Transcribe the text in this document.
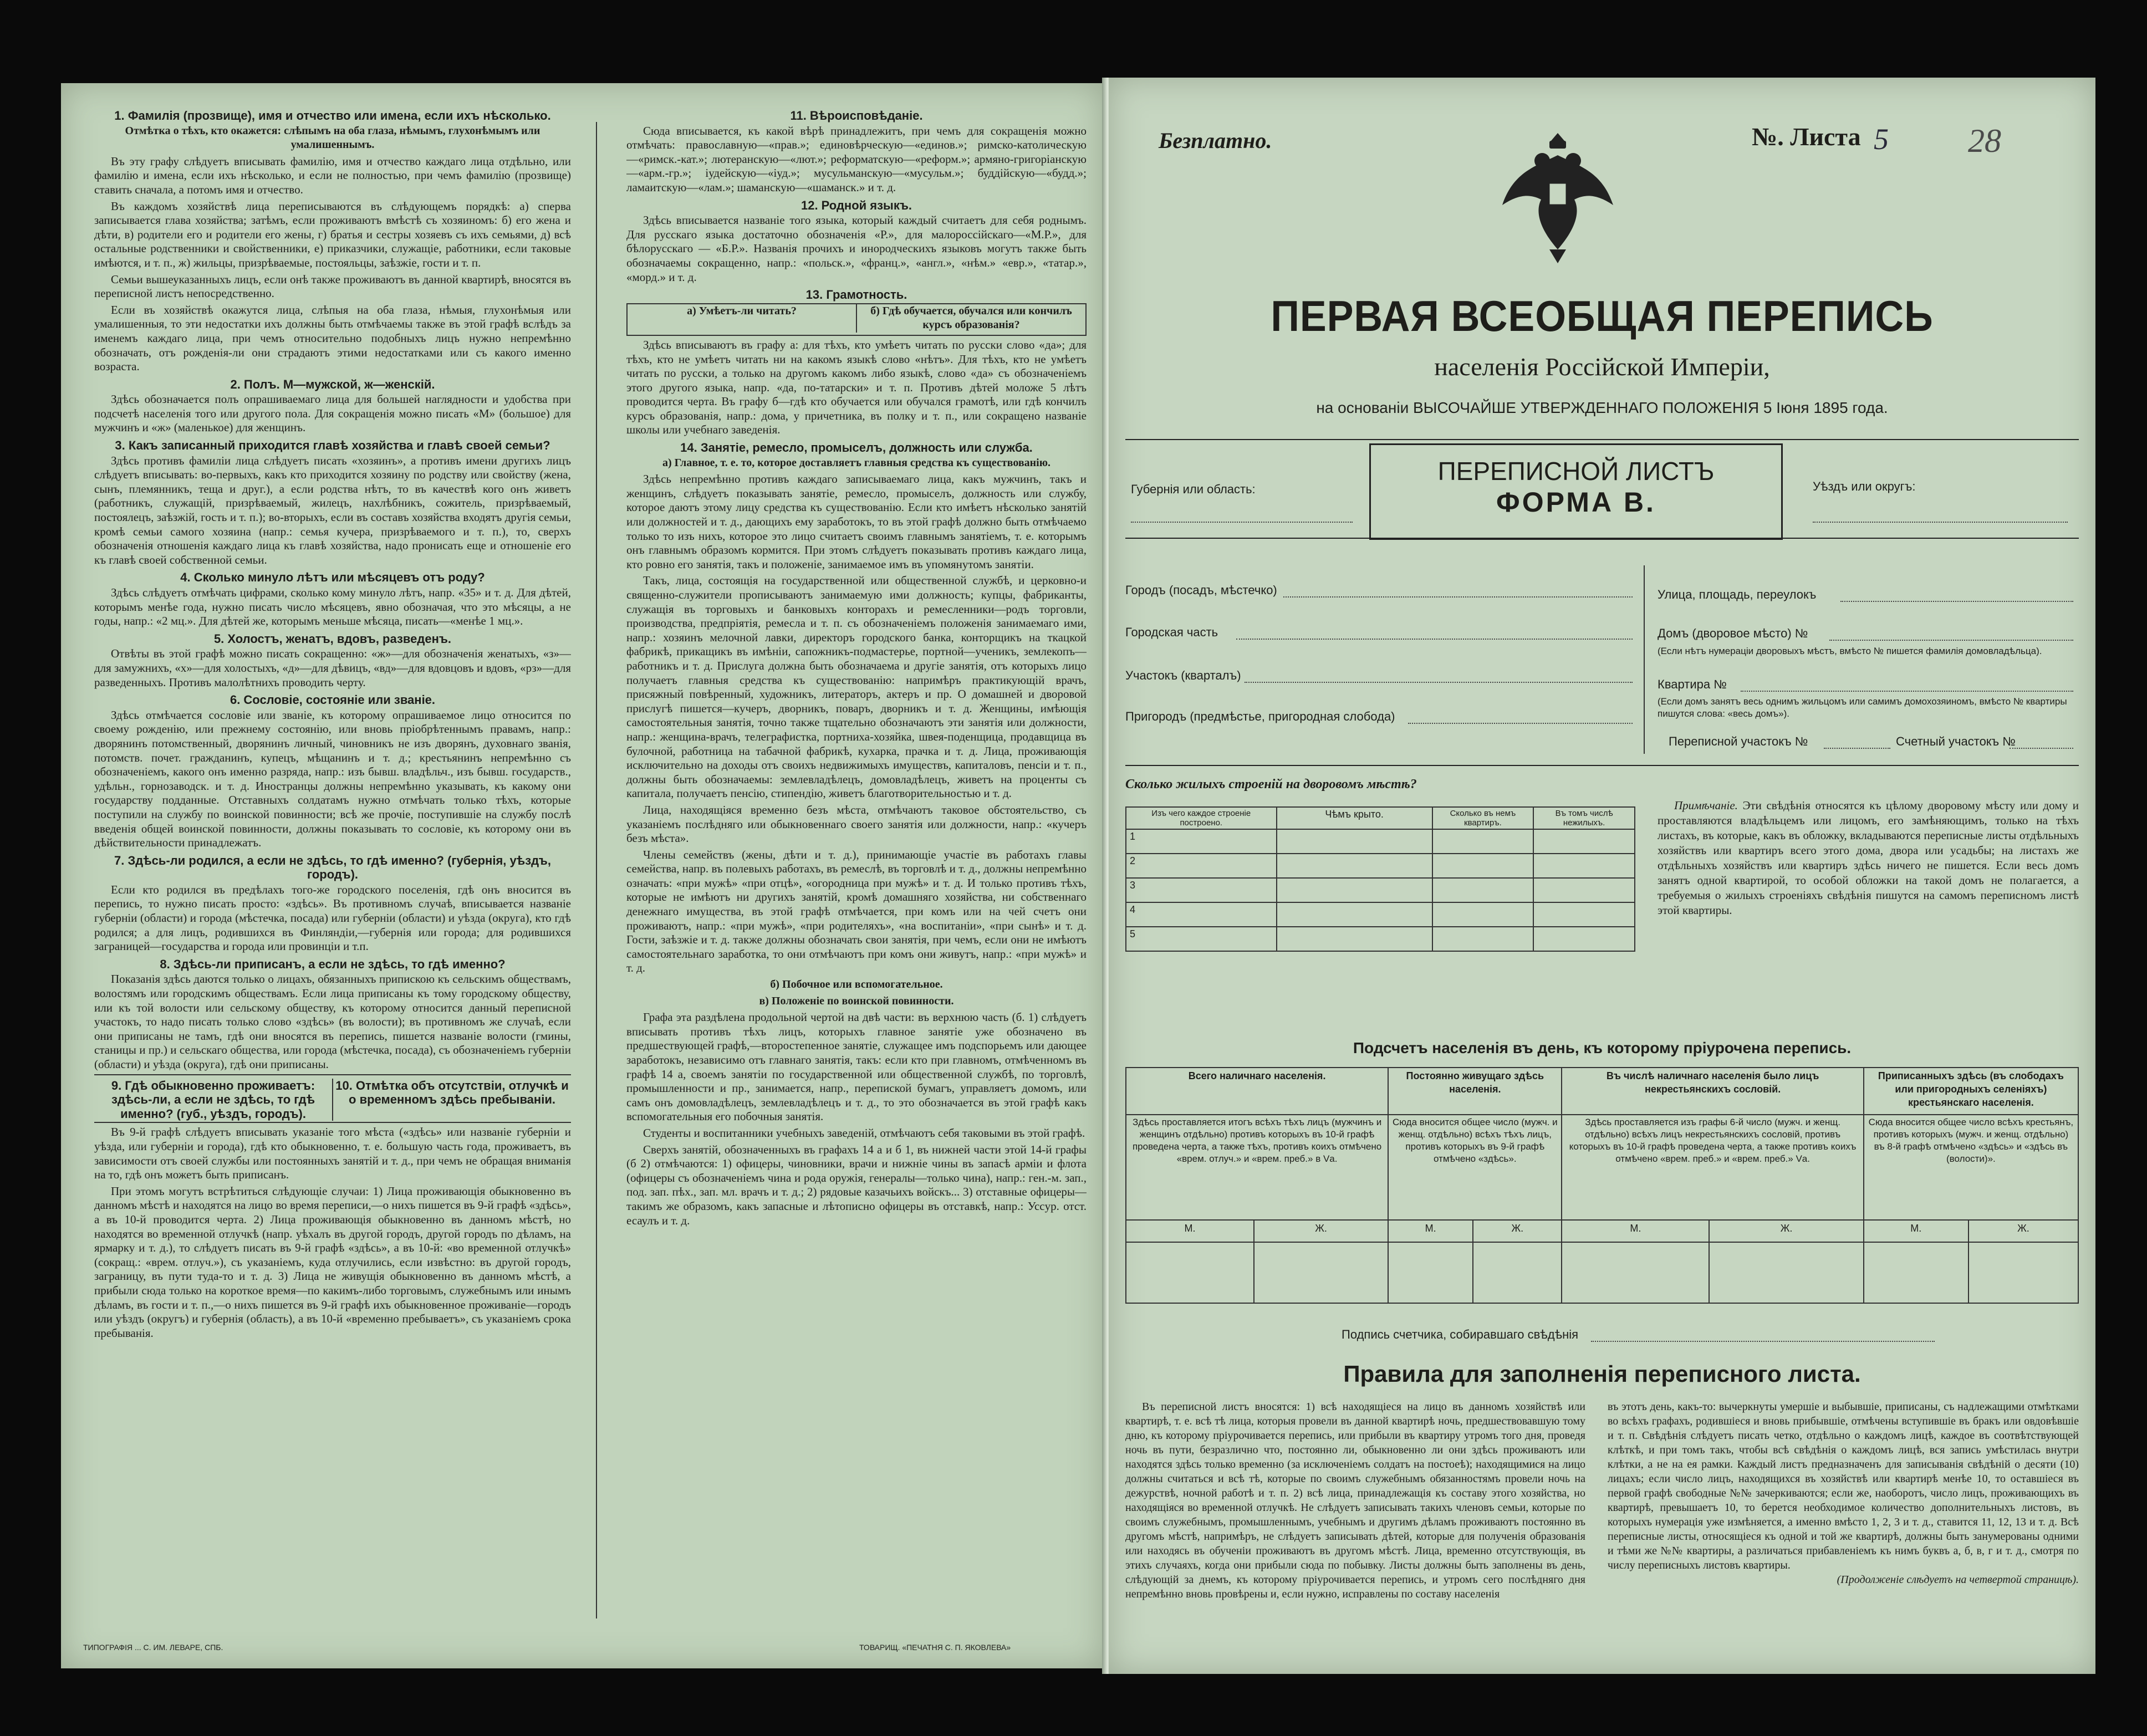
1. Фамилія (прозвище), имя и отчество или имена, если ихъ нѣсколько.
Отмѣтка о тѣхъ, кто окажется: слѣпымъ на оба глаза, нѣмымъ, глухонѣмымъ или умалишеннымъ.
Въ эту графу слѣдуетъ вписывать фамилію, имя и отчество каждаго лица отдѣльно, или фамилію и имена, если ихъ нѣсколько, и если не полностью, при чемъ фамилію (прозвище) ставить сначала, а потомъ имя и отчество.
Въ каждомъ хозяйствѣ лица переписываются въ слѣдующемъ порядкѣ: а) сперва записывается глава хозяйства; затѣмъ, если проживаютъ вмѣстѣ съ хозяиномъ: б) его жена и дѣти, в) родители его и родители его жены, г) братья и сестры хозяевъ съ ихъ семьями, д) всѣ остальные родственники и свойственники, е) приказчики, служащіе, работники, если таковые имѣются, и т. п., ж) жильцы, призрѣваемые, постояльцы, заѣзжіе, гости и т. п.
Семьи вышеуказанныхъ лицъ, если онѣ также проживаютъ въ данной квартирѣ, вносятся въ переписной листъ непосредственно.
Если въ хозяйствѣ окажутся лица, слѣпыя на оба глаза, нѣмыя, глухонѣмыя или умалишенныя, то эти недостатки ихъ должны быть отмѣчаемы также въ этой графѣ вслѣдъ за именемъ каждаго лица, при чемъ относительно подобныхъ лицъ нужно непремѣнно обозначать, отъ рожденія-ли они страдаютъ этими недостатками или съ какого именно возраста.
2. Полъ. М—мужской, ж—женскій.
Здѣсь обозначается полъ опрашиваемаго лица для большей наглядности и удобства при подсчетѣ населенія того или другого пола. Для сокращенія можно писать «М» (большое) для мужчинъ и «ж» (маленькое) для женщинъ.
3. Какъ записанный приходится главѣ хозяйства и главѣ своей семьи?
Здѣсь противъ фамиліи лица слѣдуетъ писать «хозяинъ», а противъ имени другихъ лицъ слѣдуетъ вписывать: во-первыхъ, какъ кто приходится хозяину по родству или свойству (жена, сынъ, племянникъ, теща и друг.), а если родства нѣтъ, то въ качествѣ кого онъ живетъ (работникъ, служащій, призрѣваемый, жилецъ, нахлѣбникъ, сожитель, призрѣваемый, постоялецъ, заѣзжій, гость и т. п.); во-вторыхъ, если въ составъ хозяйства входятъ другія семьи, кромѣ семьи самого хозяина (напр.: семья кучера, призрѣваемого и т. п.), то, сверхъ обозначенія отношенія каждаго лица къ главѣ хозяйства, надо пронисать еще и отношеніе его къ главѣ своей собственной семьи.
4. Сколько минуло лѣтъ или мѣсяцевъ отъ роду?
Здѣсь слѣдуетъ отмѣчать цифрами, сколько кому минуло лѣтъ, напр. «35» и т. д. Для дѣтей, которымъ менѣе года, нужно писать число мѣсяцевъ, явно обозначая, что это мѣсяцы, а не годы, напр.: «2 мц.». Для дѣтей же, которымъ меньше мѣсяца, писать—«менѣе 1 мц.».
5. Холостъ, женатъ, вдовъ, разведенъ.
Отвѣты въ этой графѣ можно писать сокращенно: «ж»—для обозначенія женатыхъ, «з»—для замужнихъ, «х»—для холостыхъ, «д»—для дѣвицъ, «вд»—для вдовцовъ и вдовъ, «рз»—для разведенныхъ. Противъ малолѣтнихъ проводить черту.
6. Сословіе, состояніе или званіе.
Здѣсь отмѣчается сословіе или званіе, къ которому опрашиваемое лицо относится по своему рожденію, или прежнему состоянію, или вновь пріобрѣтеннымъ правамъ, напр.: дворянинъ потомственный, дворянинъ личный, чиновникъ не изъ дворянъ, духовнаго званія, потомств. почет. гражданинъ, купецъ, мѣщанинъ и т. д.; крестьянинъ непремѣнно съ обозначеніемъ, какого онъ именно разряда, напр.: изъ бывш. владѣльч., изъ бывш. государств., удѣльн., горнозаводск. и т. д. Иностранцы должны непремѣнно указывать, къ какому они государству подданные. Отставныхъ солдатамъ нужно отмѣчать только тѣхъ, которые поступили на службу по воинской повинности; всѣ же прочіе, поступившіе на службу послѣ введенія общей воинской повинности, должны показывать то сословіе, къ которому они въ дѣйствительности принадлежатъ.
7. Здѣсь-ли родился, а если не здѣсь, то гдѣ именно? (губернія, уѣздъ, городъ).
Если кто родился въ предѣлахъ того-же городского поселенія, гдѣ онъ вносится въ перепись, то нужно писать просто: «здѣсь». Въ противномъ случаѣ, вписывается названіе губерніи (области) и города (мѣстечка, посада) или губерніи (области) и уѣзда (округа), кто гдѣ родился; а для лицъ, родившихся въ Финляндіи,—губернія или города; для родившихся заграницей—государства и города или провинціи и т.п.
8. Здѣсь-ли приписанъ, а если не здѣсь, то гдѣ именно?
Показанія здѣсь даются только о лицахъ, обязанныхъ припискою къ сельскимъ обществамъ, волостямъ или городскимъ обществамъ. Если лица приписаны къ тому городскому обществу, или къ той волости или сельскому обществу, къ которому относится данный переписной участокъ, то надо писать только слово «здѣсь» (въ волости); въ противномъ же случаѣ, если они приписаны не тамъ, гдѣ они вносятся въ перепись, пишется названіе волости (гмины, станицы и пр.) и сельскаго общества, или города (мѣстечка, посада), съ обозначеніемъ губерніи (области) и уѣзда (округа), гдѣ они приписаны.
9. Гдѣ обыкновенно проживаетъ: здѣсь-ли, а если не здѣсь, то гдѣ именно? (губ., уѣздъ, городъ).
10. Отмѣтка объ отсутствіи, отлучкѣ и о временномъ здѣсь пребываніи.
Въ 9-й графѣ слѣдуетъ вписывать указаніе того мѣста («здѣсь» или названіе губерніи и уѣзда, или губерніи и города), гдѣ кто обыкновенно, т. е. большую часть года, проживаетъ, въ зависимости отъ своей службы или постоянныхъ занятій и т. д., при чемъ не обращая вниманія на то, гдѣ онъ можетъ быть приписанъ.
При этомъ могутъ встрѣтиться слѣдующіе случаи: 1) Лица проживающія обыкновенно въ данномъ мѣстѣ и находятся на лицо во время переписи,—о нихъ пишется въ 9-й графѣ «здѣсь», а въ 10-й проводится черта. 2) Лица проживающія обыкновенно въ данномъ мѣстѣ, но находятся во временной отлучкѣ (напр. уѣхалъ въ другой городъ, другой городъ по дѣламъ, на ярмарку и т. д.), то слѣдуетъ писать въ 9-й графѣ «здѣсь», а въ 10-й: «во временной отлучкѣ» (сокращ.: «врем. отлуч.»), съ указаніемъ, куда отлучились, если извѣстно: въ другой городъ, заграницу, въ пути туда-то и т. д. 3) Лица не живущія обыкновенно въ данномъ мѣстѣ, а прибыли сюда только на короткое время—по какимъ-либо торговымъ, служебнымъ или инымъ дѣламъ, въ гости и т. п.,—о нихъ пишется въ 9-й графѣ ихъ обыкновенное проживаніе—городъ или уѣздъ (округъ) и губернія (область), а въ 10-й «временно пребываетъ», съ указаніемъ срока пребыванія.
11. Вѣроисповѣданіе.
Сюда вписывается, къ какой вѣрѣ принадлежитъ, при чемъ для сокращенія можно отмѣчать: православную—«прав.»; единовѣрческую—«единов.»; римско-католическую—«римск.-кат.»; лютеранскую—«лют.»; реформатскую—«реформ.»; армяно-григоріанскую—«арм.-гр.»; іудейскую—«іуд.»; мусульманскую—«мусульм.»; буддійскую—«будд.»; ламаитскую—«лам.»; шаманскую—«шаманск.» и т. д.
12. Родной языкъ.
Здѣсь вписывается названіе того языка, который каждый считаетъ для себя роднымъ. Для русскаго языка достаточно обозначенія «Р.», для малороссійскаго—«М.Р.», для бѣлорусскаго — «Б.Р.». Названія прочихъ и инородческихъ языковъ могутъ также быть обозначаемы сокращенно, напр.: «польск.», «франц.», «англ.», «нѣм.» «евр.», «татар.», «морд.» и т. д.
13. Грамотность.
а) Умѣетъ-ли читать?	б) Гдѣ обучается, обучался или кончилъ курсъ образованія?
Здѣсь вписываютъ въ графу а: для тѣхъ, кто умѣетъ читать по русски слово «да»; для тѣхъ, кто не умѣетъ читать ни на какомъ языкѣ слово «нѣтъ». Для тѣхъ, кто не умѣетъ читать по русски, а только на другомъ какомъ либо языкѣ, слово «да» съ обозначеніемъ этого другого языка, напр. «да, по-татарски» и т. п. Противъ дѣтей моложе 5 лѣтъ проводится черта. Въ графу б—гдѣ кто обучается или обучался грамотѣ, или гдѣ кончилъ курсъ образованія, напр.: дома, у причетника, въ полку и т. п., или сокращено названіе школы или учебнаго заведенія.
14. Занятіе, ремесло, промыселъ, должность или служба.
а) Главное, т. е. то, которое доставляетъ главныя средства къ существованію.
Здѣсь непремѣнно противъ каждаго записываемаго лица, какъ мужчинъ, такъ и женщинъ, слѣдуетъ показывать занятіе, ремесло, промыселъ, должность или службу, которое даютъ этому лицу средства къ существованію. Если кто имѣетъ нѣсколько занятій или должностей и т. д., дающихъ ему заработокъ, то въ этой графѣ должно быть отмѣчаемо только то изъ нихъ, которое это лицо считаетъ своимъ главнымъ занятіемъ, т. е. которымъ онъ главнымъ образомъ кормится. При этомъ слѣдуетъ показывать противъ каждаго лица, кто ровно его занятія, такъ и положеніе, занимаемое имъ въ упомянутомъ занятіи.
Такъ, лица, состоящія на государственной или общественной службѣ, и церковно-и священно-служители прописываютъ занимаемую ими должность; купцы, фабриканты, служащія въ торговыхъ и банковыхъ конторахъ и ремесленники—родъ торговли, производства, предпріятія, ремесла и т. п. съ обозначеніемъ положенія занимаемаго ими, напр.: хозяинъ мелочной лавки, директоръ городского банка, конторщикъ на ткацкой фабрикѣ, прикащикъ въ имѣніи, сапожникъ-подмастерье, портной—ученикъ, землекопъ—работникъ и т. д. Прислуга должна быть обозначаема и другіе занятія, отъ которыхъ лицо получаетъ главныя средства къ существованію: напримѣръ практикующій врачъ, присяжный повѣренный, художникъ, литераторъ, актеръ и пр. О домашней и дворовой прислугѣ пишется—кучеръ, дворникъ, поваръ, дворникъ и т. д. Женщины, имѣющія самостоятельныя занятія, точно также тщательно обозначаютъ эти занятія или должности, напр.: женщина-врачъ, телеграфистка, портниха-хозяйка, швея-поденщица, продавщица въ булочной, работница на табачной фабрикѣ, кухарка, прачка и т. д. Лица, проживающія исключительно на доходы отъ своихъ недвижимыхъ имуществъ, капиталовъ, пенсіи и т. п., должны быть обозначаемы: землевладѣлецъ, домовладѣлецъ, живетъ на проценты съ капитала, получаетъ пенсію, стипендію, живетъ благотворительностью и т. д.
Лица, находящіяся временно безъ мѣста, отмѣчаютъ таковое обстоятельство, съ указаніемъ послѣдняго или обыкновеннаго своего занятія или должности, напр.: «кучеръ безъ мѣста».
Члены семействъ (жены, дѣти и т. д.), принимающіе участіе въ работахъ главы семейства, напр. въ полевыхъ работахъ, въ ремеслѣ, въ торговлѣ и т. д., должны непремѣнно означать: «при мужѣ» «при отцѣ», «огородница при мужѣ» и т. д. И только противъ тѣхъ, которые не имѣютъ ни другихъ занятій, кромѣ домашняго хозяйства, ни собственнаго денежнаго имущества, въ этой графѣ отмѣчается, при комъ или на чей счетъ они проживаютъ, напр.: «при мужѣ», «при родителяхъ», «на воспитаніи», «при сынѣ» и т. д. Гости, заѣзжіе и т. д. также должны обозначать свои занятія, при чемъ, если они не имѣютъ самостоятельнаго заработка, то они отмѣчаютъ при комъ они живутъ, напр.: «при мужѣ» и т. д.
б) Побочное или вспомогательное.
в) Положеніе по воинской повинности.
Графа эта раздѣлена продольной чертой на двѣ части: въ верхнюю часть (б. 1) слѣдуетъ вписывать противъ тѣхъ лицъ, которыхъ главное занятіе уже обозначено въ предшествующей графѣ,—второстепенное занятіе, служащее имъ подспорьемъ или дающее заработокъ, независимо отъ главнаго занятія, такъ: если кто при главномъ, отмѣченномъ въ графѣ 14 а, своемъ занятіи по государственной или общественной службѣ, по торговлѣ, промышленности и пр., занимается, напр., перепиской бумагъ, управляетъ домомъ, или самъ онъ домовладѣлецъ, землевладѣлецъ и т. д., то это обозначается въ этой графѣ какъ вспомогательныя его побочныя занятія.
Студенты и воспитанники учебныхъ заведеній, отмѣчаютъ себя таковыми въ этой графѣ.
Сверхъ занятій, обозначенныхъ въ графахъ 14 а и б 1, въ нижней части этой 14-й графы (б 2) отмѣчаются: 1) офицеры, чиновники, врачи и нижніе чины въ запасѣ арміи и флота (офицеры съ обозначеніемъ чина и рода оружія, генералы—только чина), напр.: ген.-м. зап., под. зап. пѣх., зап. мл. врачъ и т. д.; 2) рядовые казачьихъ войскъ... 3) отставные офицеры—такимъ же образомъ, какъ запасные и лѣтописно офицеры въ отставкѣ, напр.: Усcур. отст. есаулъ и т. д.
ТИПОГРАФІЯ ... С. ИМ. ЛЕВАРЕ, СПБ.	ТОВАРИЩ. «ПЕЧАТНЯ С. П. ЯКОВЛЕВА»
Безплатно.	№. Листа 5 28
ПЕРВАЯ ВСЕОБЩАЯ ПЕРЕПИСЬ
населенія Россійской Имперіи,
на основаніи ВЫСОЧАЙШЕ УТВЕРЖДЕННАГО ПОЛОЖЕНІЯ 5 Іюня 1895 года.
Губернія или область:
ПЕРЕПИСНОЙ ЛИСТЪ
ФОРМА В.
Уѣздъ или округъ:
Городъ (посадъ, мѣстечко)
Городская часть
Участокъ (кварталъ)
Пригородъ (предмѣстье, пригородная слобода)
Улица, площадь, переулокъ
Домъ (дворовое мѣсто) №
(Если нѣтъ нумераціи дворовыхъ мѣстъ, вмѣсто № пишется фамилія домовладѣльца).
Квартира №
(Если домъ занятъ весь однимъ жильцомъ или самимъ домохозяиномъ, вмѣсто № квартиры пишутся слова: «весь домъ»).
Переписной участокъ №	Счетный участокъ №
Сколько жилыхъ строеній на дворовомъ мѣстѣ?
Изъ чего каждое строеніе построено.	Чѣмъ крыто.	Сколько въ немъ квартиръ.	Въ томъ числѣ нежилыхъ.
1			
2			
3			
4			
5			
Примѣчаніе. Эти свѣдѣнія относятся къ цѣлому дворовому мѣсту или дому и проставляются владѣльцемъ или лицомъ, его замѣняющимъ, только на тѣхъ листахъ, въ которые, какъ въ обложку, вкладываются переписные листы отдѣльныхъ хозяйствъ или квартиръ всего этого дома, двора или усадьбы; на листахъ же отдѣльныхъ хозяйствъ или квартиръ здѣсь ничего не пишется. Если весь домъ занятъ одной квартирой, то особой обложки на такой домъ не полагается, а требуемыя о жилыхъ строеніяхъ свѣдѣнія пишутся на самомъ переписномъ листѣ этой квартиры.
Подсчетъ населенія въ день, къ которому пріурочена перепись.
Всего наличнаго населенія.		Постоянно живущаго здѣсь населенія.		Въ числѣ наличнаго населенія было лицъ некрестьянскихъ сословій.		Приписанныхъ здѣсь (въ слободахъ или пригородныхъ селеніяхъ) крестьянскаго населенія.	
Здѣсь проставляется итогъ всѣхъ тѣхъ лицъ (мужчинъ и женщинъ отдѣльно) противъ которыхъ въ 10-й графѣ проведена черта, а также тѣхъ, противъ коихъ отмѣчено «врем. отлуч.» и «врем. преб.» в Vа.		Сюда вносится общее число (мужч. и женщ. отдѣльно) всѣхъ тѣхъ лицъ, противъ которыхъ въ 9-й графѣ отмѣчено «здѣсь».		Здѣсь проставляется изъ графы 6-й число (мужч. и женщ. отдѣльно) всѣхъ лицъ некрестьянскихъ сословій, противъ которыхъ въ 10-й графѣ проведена черта, а также противъ коихъ отмѣчено «врем. преб.» и «врем. преб.» Vа.		Сюда вносится общее число всѣхъ крестьянъ, противъ которыхъ (мужч. и женщ. отдѣльно) въ 8-й графѣ отмѣчено «здѣсь» и «здѣсь въ (волости)».	
М.	Ж.	М.	Ж.	М.	Ж.	М.	Ж.

Подпись счетчика, собиравшаго свѣдѣнія
Правила для заполненія переписного листа.
Въ переписной листъ вносятся: 1) всѣ находящіеся на лицо въ данномъ хозяйствѣ или квартирѣ, т. е. всѣ тѣ лица, которыя провели въ данной квартирѣ ночь, предшествовавшую тому дню, къ которому пріурочивается перепись, или прибыли въ квартиру утромъ того дня, проведя ночь въ пути, безразлично что, постоянно ли, обыкновенно ли они здѣсь проживаютъ или находятся здѣсь только временно (за исключеніемъ солдатъ на постоеѣ); находящимися на лицо должны считаться и всѣ тѣ, которые по своимъ служебнымъ обязанностямъ провели ночь на дежурствѣ, ночной работѣ и т. п. 2) всѣ лица, принадлежащія къ составу этого хозяйства, но находящіяся во временной отлучкѣ. Не слѣдуетъ записывать такихъ членовъ семьи, которые по своимъ служебнымъ, промышленнымъ, учебнымъ и другимъ дѣламъ проживаютъ постоянно въ другомъ мѣстѣ, напримѣръ, не слѣдуетъ записывать дѣтей, которые для полученія образованія или находясь въ обученіи проживаютъ въ другомъ мѣстѣ. Лица, временно отсутствующія, въ этихъ случаяхъ, когда они прибыли сюда по побывку. Листы должны быть заполнены въ день, слѣдующій за днемъ, къ которому пріурочивается перепись, и утромъ сего послѣдняго дня непремѣнно вновь провѣрены и, если нужно, исправлены по составу населенія
въ этотъ день, какъ-то: вычеркнуты умершіе и выбывшіе, приписаны, съ надлежащими отмѣтками во всѣхъ графахъ, родившіеся и вновь прибывшіе, отмѣчены вступившіе въ бракъ или овдовѣвшіе и т. п. Свѣдѣнія слѣдуетъ писать четко, отдѣльно о каждомъ лицѣ, каждое въ соотвѣтствующей клѣткѣ, и при томъ такъ, чтобы всѣ свѣдѣнія о каждомъ лицѣ, вся запись умѣстилась внутри клѣтки, а не на ея рамки. Каждый листъ предназначенъ для записыванія свѣдѣній о десяти (10) лицахъ; если число лицъ, находящихся въ хозяйствѣ или квартирѣ менѣе 10, то оставшіеся въ первой графѣ свободные №№ зачеркиваются; если же, наоборотъ, число лицъ, проживающихъ въ квартирѣ, превышаетъ 10, то берется необходимое количество дополнительныхъ листовъ, въ которыхъ нумерація уже измѣняется, а именно вмѣсто 1, 2, 3 и т. д., ставится 11, 12, 13 и т. д. Всѣ переписные листы, относящіеся къ одной и той же квартирѣ, должны быть занумерованы одними и тѣми же №№ квартиры, а различаться прибавленіемъ къ нимъ буквъ а, б, в, г и т. д., смотря по числу переписныхъ листовъ квартиры.
(Продолженіе слѣдуетъ на четвертой страницѣ).
